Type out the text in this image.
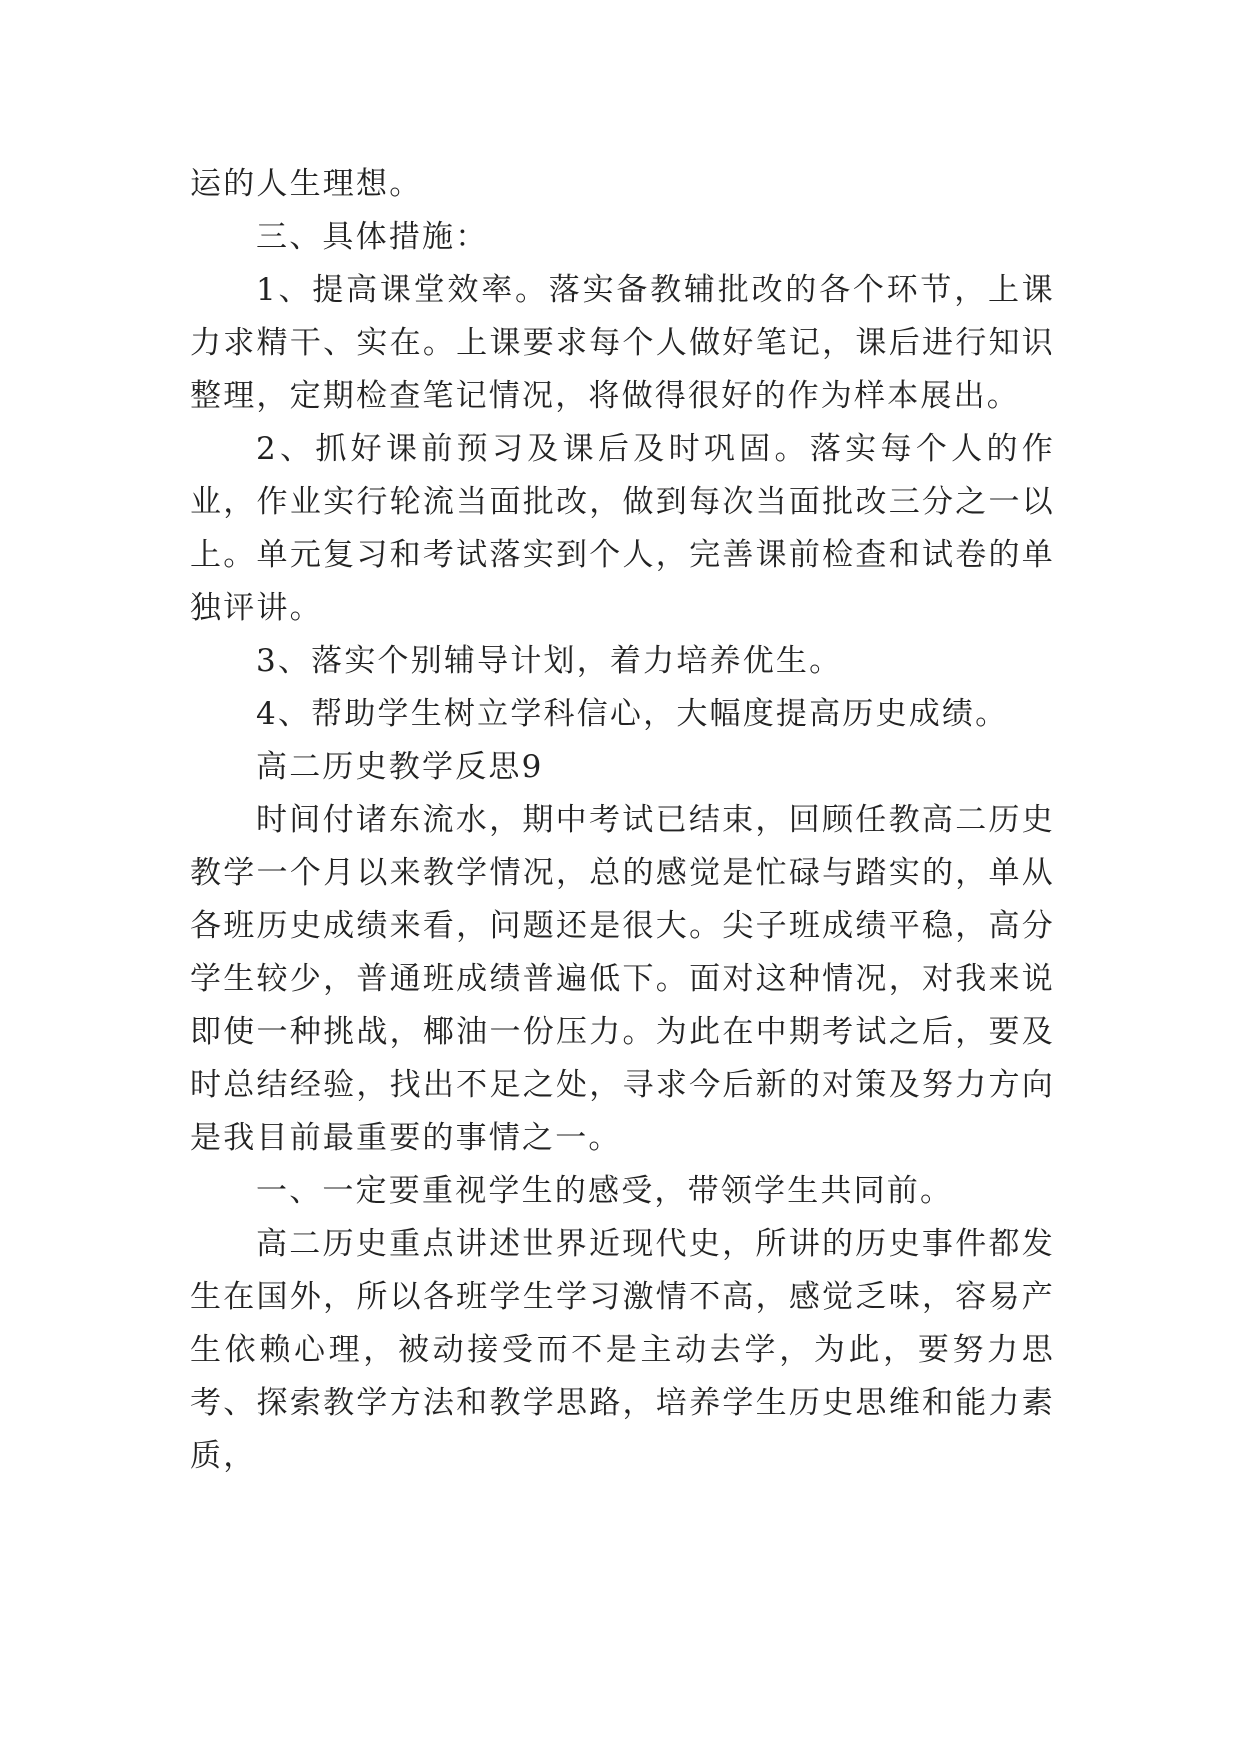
运的人生理想。

三、具体措施：

1、提高课堂效率。落实备教辅批改的各个环节，上课力求精干、实在。上课要求每个人做好笔记，课后进行知识整理，定期检查笔记情况，将做得很好的作为样本展出。

2、抓好课前预习及课后及时巩固。落实每个人的作业，作业实行轮流当面批改，做到每次当面批改三分之一以上。单元复习和考试落实到个人，完善课前检查和试卷的单独评讲。

3、落实个别辅导计划，着力培养优生。

4、帮助学生树立学科信心，大幅度提高历史成绩。

高二历史教学反思9

时间付诸东流水，期中考试已结束，回顾任教高二历史教学一个月以来教学情况，总的感觉是忙碌与踏实的，单从各班历史成绩来看，问题还是很大。尖子班成绩平稳，高分学生较少，普通班成绩普遍低下。面对这种情况，对我来说即使一种挑战，椰油一份压力。为此在中期考试之后，要及时总结经验，找出不足之处，寻求今后新的对策及努力方向是我目前最重要的事情之一。

一、一定要重视学生的感受，带领学生共同前。

高二历史重点讲述世界近现代史，所讲的历史事件都发生在国外，所以各班学生学习激情不高，感觉乏味，容易产生依赖心理，被动接受而不是主动去学，为此，要努力思考、探索教学方法和教学思路，培养学生历史思维和能力素质，
